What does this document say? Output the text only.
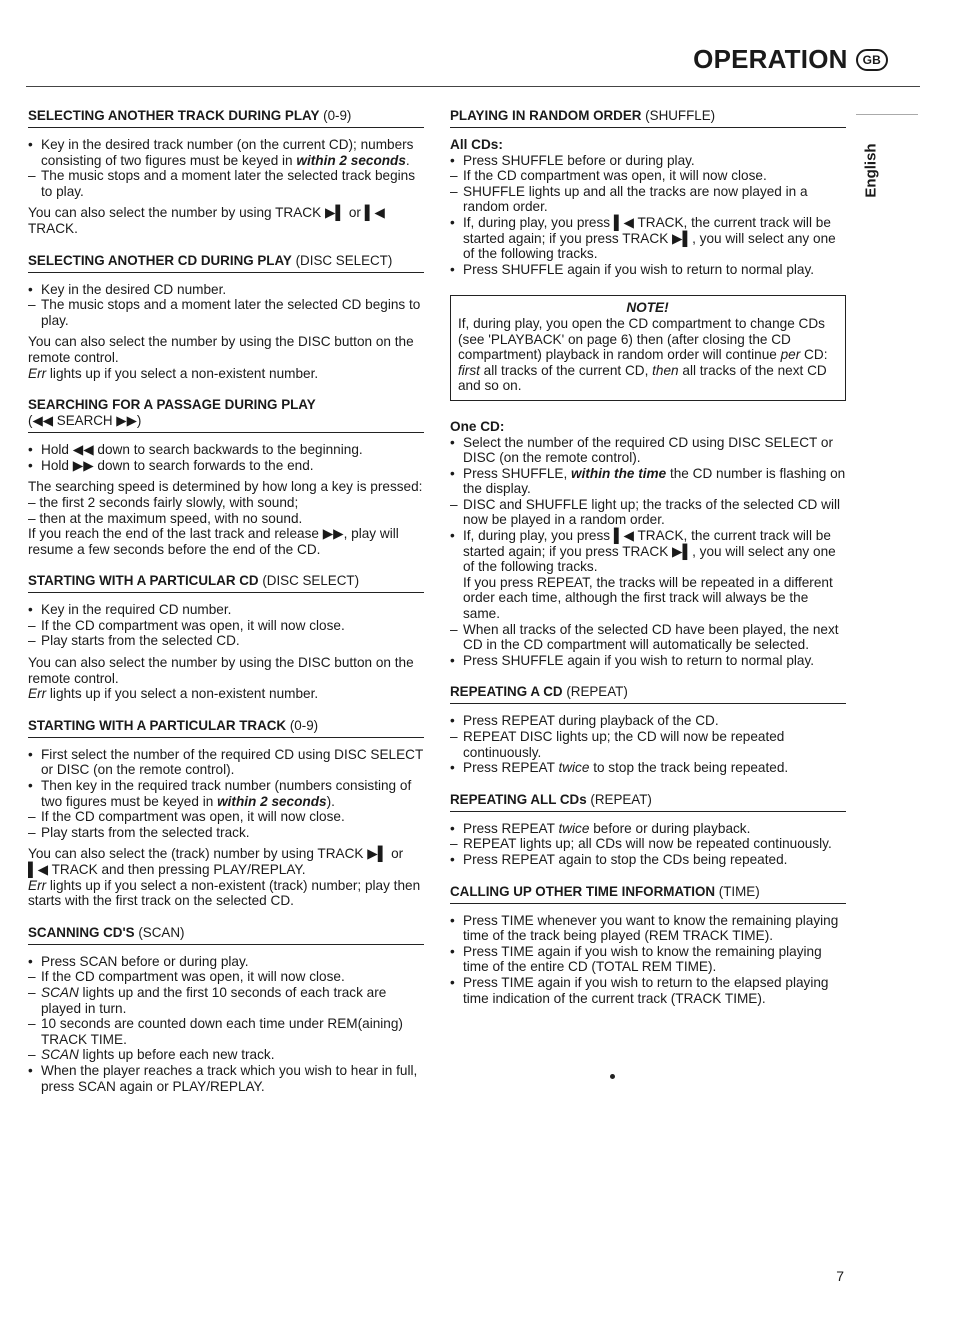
OPERATION	GB
English
SELECTING ANOTHER TRACK DURING PLAY (0-9)
• Key in the desired track number (on the current CD); numbers consisting of two figures must be keyed in within 2 seconds.
– The music stops and a moment later the selected track begins to play.
You can also select the number by using TRACK ▶▌ or ▌◀ TRACK.
SELECTING ANOTHER CD DURING PLAY (DISC SELECT)
• Key in the desired CD number.
– The music stops and a moment later the selected CD begins to play.
You can also select the number by using the DISC button on the remote control.
Err lights up if you select a non-existent number.
SEARCHING FOR A PASSAGE DURING PLAY
(◀◀ SEARCH ▶▶)
• Hold ◀◀ down to search backwards to the beginning.
• Hold ▶▶ down to search forwards to the end.
The searching speed is determined by how long a key is pressed:
– the first 2 seconds fairly slowly, with sound;
– then at the maximum speed, with no sound.
If you reach the end of the last track and release ▶▶, play will resume a few seconds before the end of the CD.
STARTING WITH A PARTICULAR CD (DISC SELECT)
• Key in the required CD number.
– If the CD compartment was open, it will now close.
– Play starts from the selected CD.
You can also select the number by using the DISC button on the remote control.
Err lights up if you select a non-existent number.
STARTING WITH A PARTICULAR TRACK (0-9)
• First select the number of the required CD using DISC SELECT or DISC (on the remote control).
• Then key in the required track number (numbers consisting of two figures must be keyed in within 2 seconds).
– If the CD compartment was open, it will now close.
– Play starts from the selected track.
You can also select the (track) number by using TRACK ▶▌ or ▌◀ TRACK and then pressing PLAY/REPLAY.
Err lights up if you select a non-existent (track) number; play then starts with the first track on the selected CD.
SCANNING CD'S (SCAN)
• Press SCAN before or during play.
– If the CD compartment was open, it will now close.
– SCAN lights up and the first 10 seconds of each track are played in turn.
– 10 seconds are counted down each time under REM(aining) TRACK TIME.
– SCAN lights up before each new track.
• When the player reaches a track which you wish to hear in full, press SCAN again or PLAY/REPLAY.
PLAYING IN RANDOM ORDER (SHUFFLE)
All CDs:
• Press SHUFFLE before or during play.
– If the CD compartment was open, it will now close.
– SHUFFLE lights up and all the tracks are now played in a random order.
• If, during play, you press ▌◀ TRACK, the current track will be started again; if you press TRACK ▶▌, you will select any one of the following tracks.
• Press SHUFFLE again if you wish to return to normal play.
NOTE!
If, during play, you open the CD compartment to change CDs (see 'PLAYBACK' on page 6) then (after closing the CD compartment) playback in random order will continue per CD: first all tracks of the current CD, then all tracks of the next CD and so on.
One CD:
• Select the number of the required CD using DISC SELECT or DISC (on the remote control).
• Press SHUFFLE, within the time the CD number is flashing on the display.
– DISC and SHUFFLE light up; the tracks of the selected CD will now be played in a random order.
• If, during play, you press ▌◀ TRACK, the current track will be started again; if you press TRACK ▶▌, you will select any one of the following tracks.
If you press REPEAT, the tracks will be repeated in a different order each time, although the first track will always be the same.
– When all tracks of the selected CD have been played, the next CD in the CD compartment will automatically be selected.
• Press SHUFFLE again if you wish to return to normal play.
REPEATING A CD (REPEAT)
• Press REPEAT during playback of the CD.
– REPEAT DISC lights up; the CD will now be repeated continuously.
• Press REPEAT twice to stop the track being repeated.
REPEATING ALL CDs (REPEAT)
• Press REPEAT twice before or during playback.
– REPEAT lights up; all CDs will now be repeated continuously.
• Press REPEAT again to stop the CDs being repeated.
CALLING UP OTHER TIME INFORMATION (TIME)
• Press TIME whenever you want to know the remaining playing time of the track being played (REM TRACK TIME).
• Press TIME again if you wish to know the remaining playing time of the entire CD (TOTAL REM TIME).
• Press TIME again if you wish to return to the elapsed playing time indication of the current track (TRACK TIME).
7
